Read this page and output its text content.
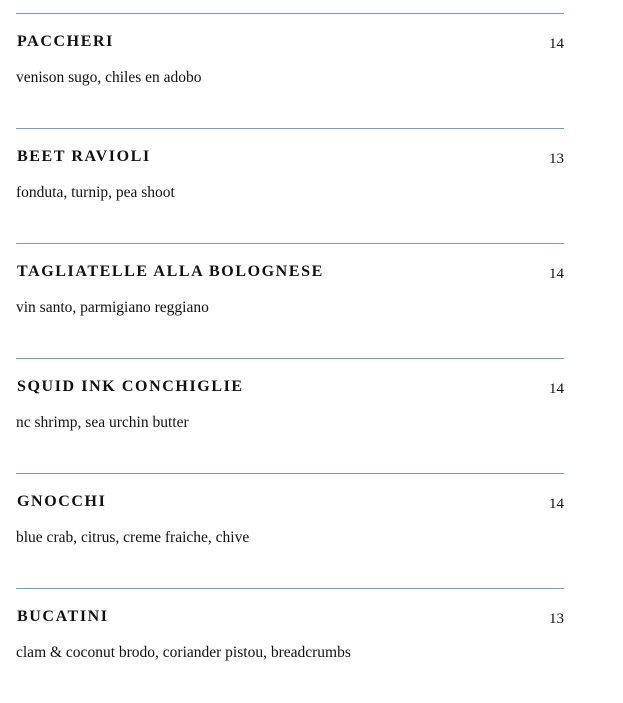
PACCHERI	14
venison sugo, chiles en adobo
BEET RAVIOLI	13
fonduta, turnip, pea shoot
TAGLIATELLE ALLA BOLOGNESE	14
vin santo, parmigiano reggiano
SQUID INK CONCHIGLIE	14
nc shrimp, sea urchin butter
GNOCCHI	14
blue crab, citrus, creme fraiche, chive
BUCATINI	13
clam & coconut brodo, coriander pistou, breadcrumbs
